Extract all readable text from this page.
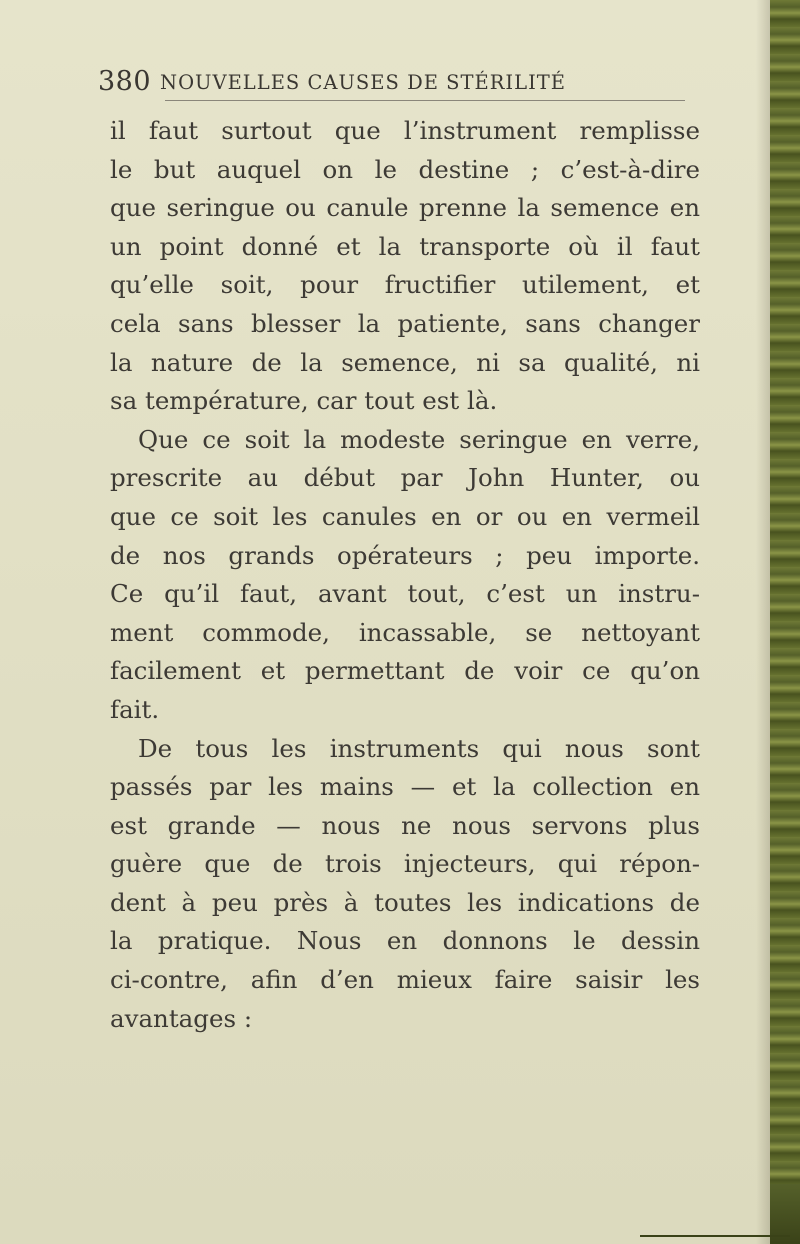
380 NOUVELLES CAUSES DE STÉRILITÉ
il faut surtout que l’instrument remplisse
le but auquel on le destine ; c’est-à-dire
que seringue ou canule prenne la semence en
un point donné et la transporte où il faut
qu’elle soit, pour fructifier utilement, et
cela sans blesser la patiente, sans changer
la nature de la semence, ni sa qualité, ni
sa température, car tout est là.
Que ce soit la modeste seringue en verre,
prescrite au début par John Hunter, ou
que ce soit les canules en or ou en vermeil
de nos grands opérateurs ; peu importe.
Ce qu’il faut, avant tout, c’est un instru-
ment commode, incassable, se nettoyant
facilement et permettant de voir ce qu’on
fait.
De tous les instruments qui nous sont
passés par les mains — et la collection en
est grande — nous ne nous servons plus
guère que de trois injecteurs, qui répon-
dent à peu près à toutes les indications de
la pratique. Nous en donnons le dessin
ci-contre, afin d’en mieux faire saisir les
avantages :
